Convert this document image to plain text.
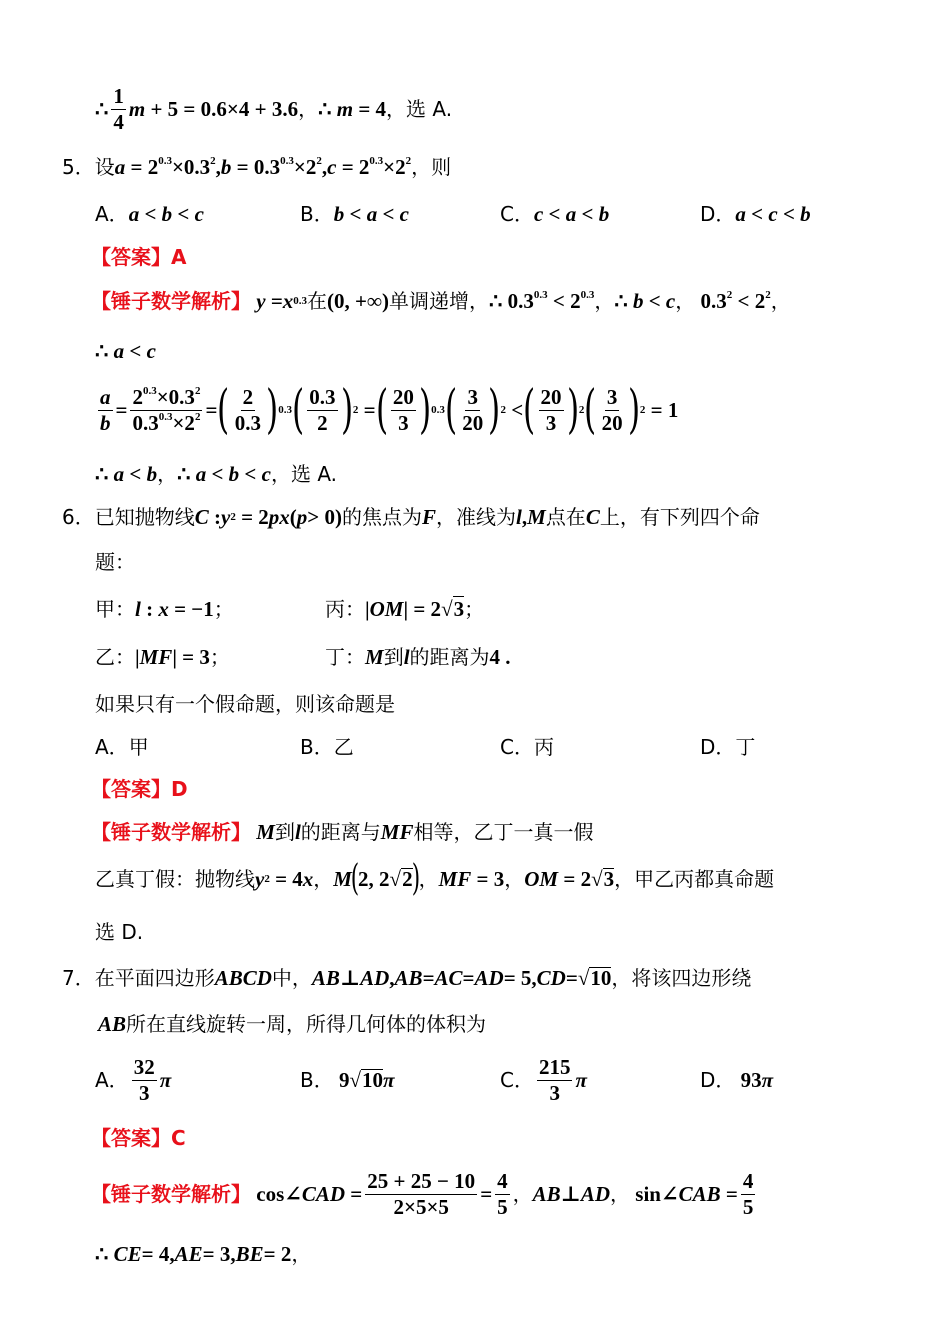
∴ $\frac{1}{4}$ m + 5 = 0.6×4 + 3.6 ， ∴ m = 4 ，选 A.
5． 设 $a = 2^{0.3}\times 0.3^2$, $b = 0.3^{0.3}\times 2^2$, $c = 2^{0.3}\times 2^2$ ，则
A．a < b < c	B．b < a < c	C．c < a < b	D．a < c < b
【答案】 A
【锤子数学解析】 y = x 0.3 在 (0, +∞) 单调递增， ∴ $0.3^{0.3} < 2^{0.3}$ ， ∴ b < c ， $0.3^2 < 2^2$ ，
∴ a < c
$\frac{a}{b} = \frac{2^{0.3}\times 0.3^2}{0.3^{0.3}\times 2^2}$ = ( $\frac{2}{0.3}$ ) 0.3 ( $\frac{0.3}{2}$ ) 2 = ( $\frac{20}{3}$ ) 0.3 ( $\frac{3}{20}$ ) 2 < ( $\frac{20}{3}$ ) 2 ( $\frac{3}{20}$ ) 2 = 1
∴ a < b ， ∴ a < b < c ，选 A.
6． 已知抛物线 C : y 2 = 2 px ( p > 0) 的焦点为 F ，准线为 l , M 点在 C 上，有下列四个命
题：
甲：l : x = −1；	丙：|OM| = 2√3；
乙：|MF| = 3；	丁：M到l的距离为4 .
如果只有一个假命题，则该命题是
A．甲	B．乙	C．丙	D．丁
【答案】 D
【锤子数学解析】 M 到 l 的距离与 MF 相等，乙丁一真一假
乙真丁假：抛物线 y 2 = 4 x ， M
(
2, 2 √ 2
)
， MF = 3 ， OM = 2 √ 3 ，甲乙丙都真命题
选 D.
7． 在平面四边形 ABCD 中， AB ⊥ AD , AB = AC = AD = 5, CD = √ 10 ，将该四边形绕
AB 所在直线旋转一周，所得几何体的体积为
A． $\frac{32}{3}$ π	B． 9√ 10 π	C． $\frac{215}{3}$ π	D． 93 π
【答案】 C
【锤子数学解析】 cos∠ CAD = $\frac{25 + 25 - 10}{2\times 5\times 5} = \frac{4}{5}$ ， AB ⊥ AD ， sin∠ CAB = $\frac{4}{5}$
∴ CE = 4, AE = 3, BE = 2 ，
